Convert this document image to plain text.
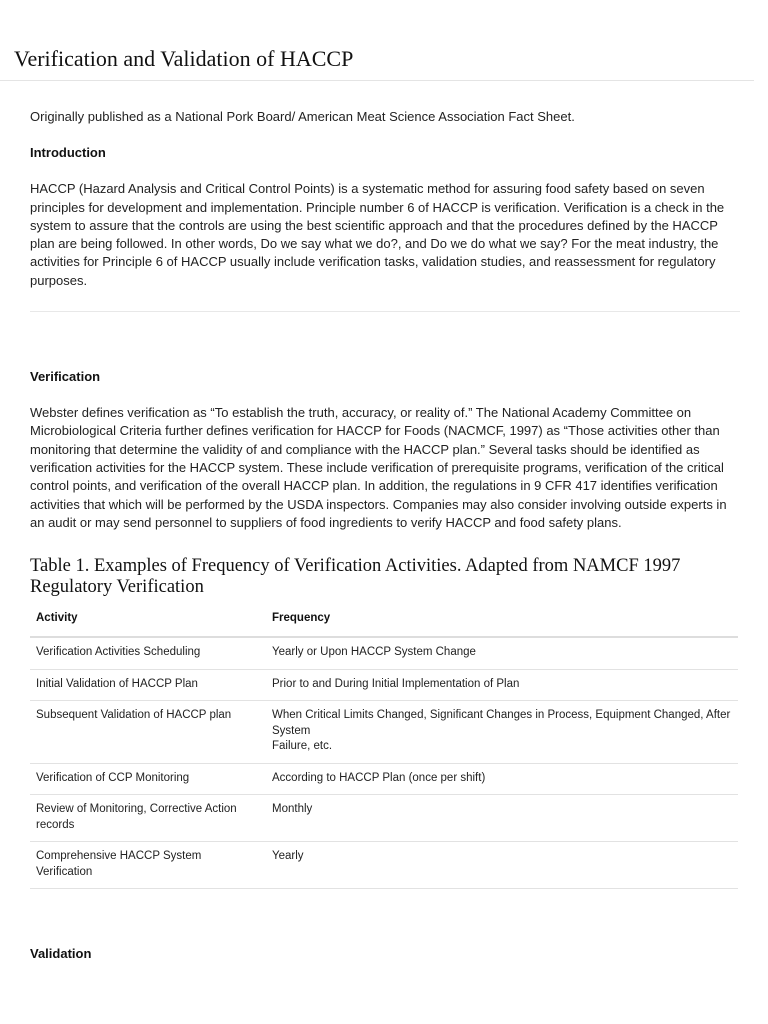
Verification and Validation of HACCP

Originally published as a National Pork Board/ American Meat Science Association Fact Sheet.

Introduction

HACCP (Hazard Analysis and Critical Control Points) is a systematic method for assuring food safety based on seven principles for development and implementation. Principle number 6 of HACCP is verification. Verification is a check in the system to assure that the controls are using the best scientific approach and that the procedures defined by the HACCP plan are being followed. In other words, Do we say what we do?, and Do we do what we say? For the meat industry, the activities for Principle 6 of HACCP usually include verification tasks, validation studies, and reassessment for regulatory purposes.

Verification

Webster defines verification as “To establish the truth, accuracy, or reality of.” The National Academy Committee on Microbiological Criteria further defines verification for HACCP for Foods (NACMCF, 1997) as “Those activities other than monitoring that determine the validity of and compliance with the HACCP plan.” Several tasks should be identified as verification activities for the HACCP system. These include verification of prerequisite programs, verification of the critical control points, and verification of the overall HACCP plan. In addition, the regulations in 9 CFR 417 identifies verification activities that which will be performed by the USDA inspectors. Companies may also consider involving outside experts in an audit or may send personnel to suppliers of food ingredients to verify HACCP and food safety plans.

Table 1. Examples of Frequency of Verification Activities. Adapted from NAMCF 1997 Regulatory Verification
Activity	Frequency
Verification Activities Scheduling	Yearly or Upon HACCP System Change

Initial Validation of HACCP Plan	Prior to and During Initial Implementation of Plan

Subsequent Validation of HACCP plan	When Critical Limits Changed, Significant Changes in Process, Equipment Changed, After System
Failure, etc.

Verification of CCP Monitoring	According to HACCP Plan (once per shift)

Review of Monitoring, Corrective Action records	Monthly

Comprehensive HACCP System Verification	Yearly
Validation
